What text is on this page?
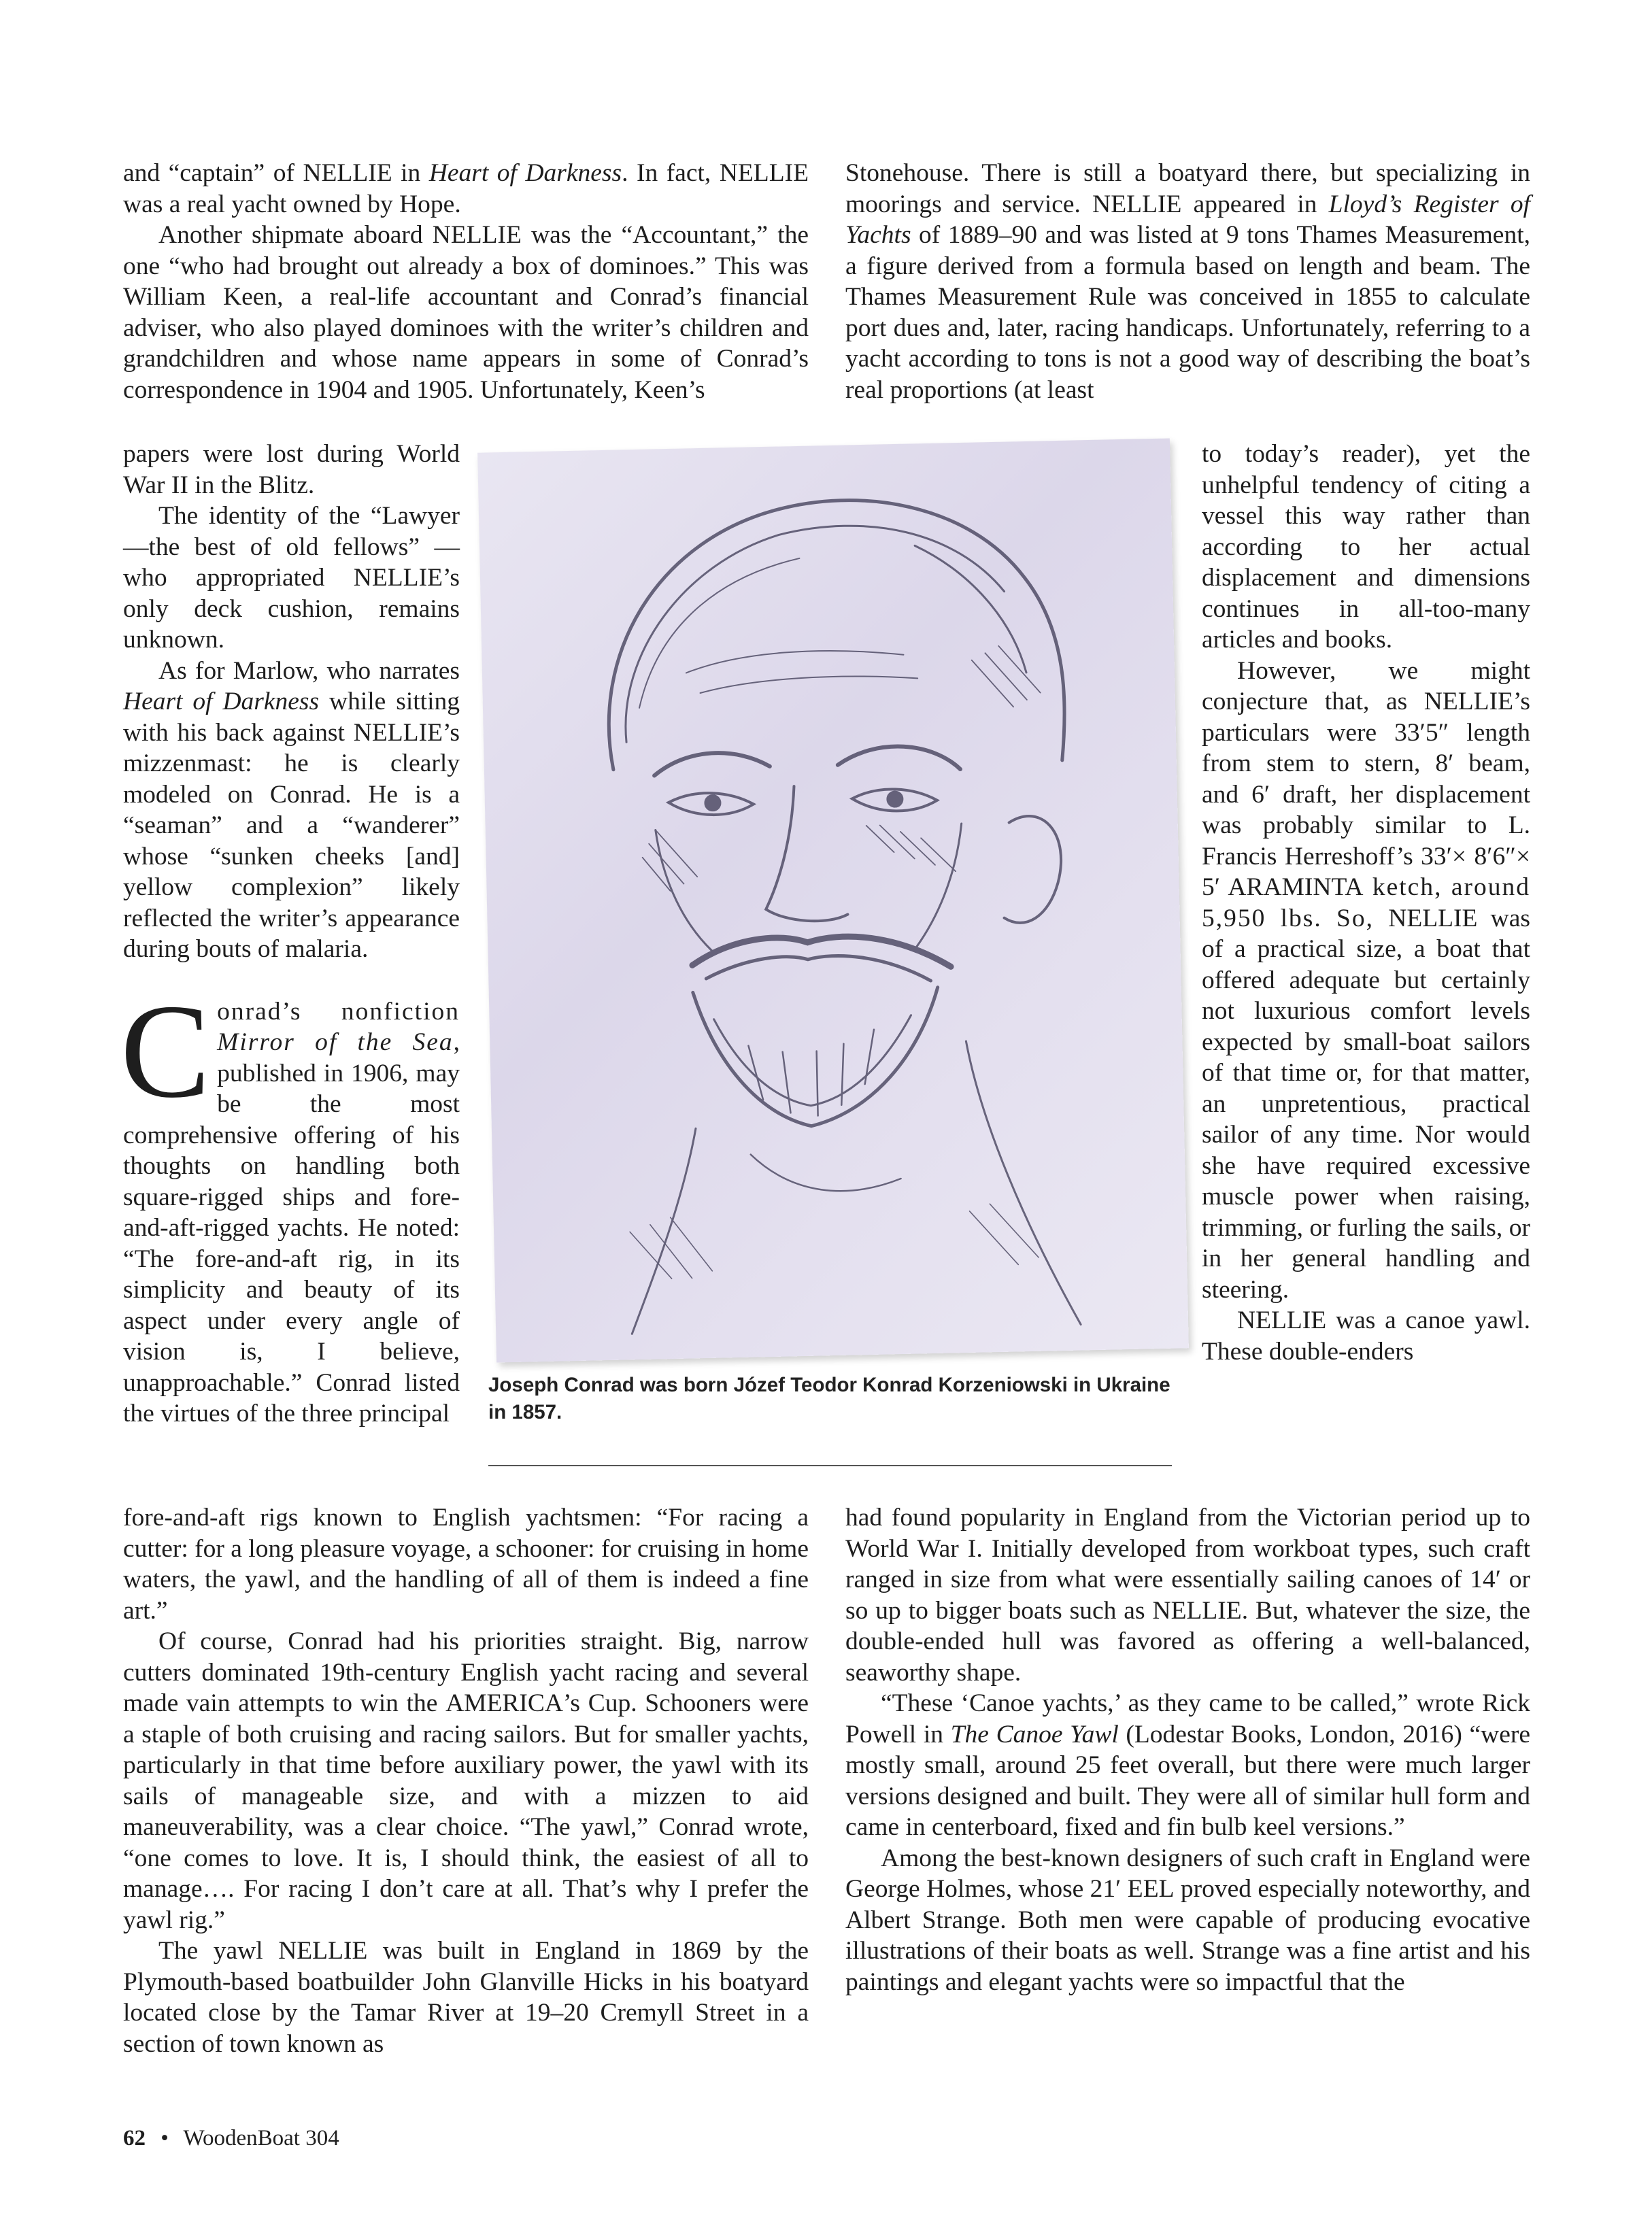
and “captain” of NELLIE in Heart of Darkness. In fact, NELLIE was a real yacht owned by Hope.

Another shipmate aboard NELLIE was the “Accountant,” the one “who had brought out already a box of dominoes.” This was William Keen, a real-life accountant and Conrad’s financial adviser, who also played dominoes with the writer’s children and grandchildren and whose name appears in some of Conrad’s correspondence in 1904 and 1905. Unfortunately, Keen’s

papers were lost during World War II in the Blitz.

The identity of the “Lawyer—the best of old fellows” —who appropriated NELLIE’s only deck cushion, remains unknown.

As for Marlow, who narrates Heart of Darkness while sitting with his back against NELLIE’s mizzenmast: he is clearly modeled on Conrad. He is a “seaman” and a “wanderer” whose “sunken cheeks [and] yellow complexion” likely reflected the writer’s appearance during bouts of malaria.

Conrad’s nonfiction Mirror of the Sea, published in 1906, may be the most comprehensive offering of his thoughts on handling both square-rigged ships and fore-and-aft-rigged yachts. He noted: “The fore-and-aft rig, in its simplicity and beauty of its aspect under every angle of vision is, I believe, unapproachable.” Conrad listed the virtues of the three principal

fore-and-aft rigs known to English yachtsmen: “For racing a cutter: for a long pleasure voyage, a schooner: for cruising in home waters, the yawl, and the handling of all of them is indeed a fine art.”

Of course, Conrad had his priorities straight. Big, narrow cutters dominated 19th-century English yacht racing and several made vain attempts to win the AMERICA’s Cup. Schooners were a staple of both cruising and racing sailors. But for smaller yachts, particularly in that time before auxiliary power, the yawl with its sails of manageable size, and with a mizzen to aid maneuverability, was a clear choice. “The yawl,” Conrad wrote, “one comes to love. It is, I should think, the easiest of all to manage…. For racing I don’t care at all. That’s why I prefer the yawl rig.”

The yawl NELLIE was built in England in 1869 by the Plymouth-based boatbuilder John Glanville Hicks in his boatyard located close by the Tamar River at 19–20 Cremyll Street in a section of town known as

Stonehouse. There is still a boatyard there, but specializing in moorings and service. NELLIE appeared in Lloyd’s Register of Yachts of 1889–90 and was listed at 9 tons Thames Measurement, a figure derived from a formula based on length and beam. The Thames Measurement Rule was conceived in 1855 to calculate port dues and, later, racing handicaps. Unfortunately, referring to a yacht according to tons is not a good way of describing the boat’s real proportions (at least

to today’s reader), yet the unhelpful tendency of citing a vessel this way rather than according to her actual displacement and dimensions continues in all-too-many articles and books.

However, we might conjecture that, as NELLIE’s particulars were 33′5″ length from stem to stern, 8′ beam, and 6′ draft, her displacement was probably similar to L. Francis Herreshoff’s 33′× 8′6″× 5′ ARAMINTA ketch, around 5,950 lbs. So, NELLIE was of a practical size, a boat that offered adequate but certainly not luxurious comfort levels expected by small-boat sailors of that time or, for that matter, an unpretentious, practical sailor of any time. Nor would she have required excessive muscle power when raising, trimming, or furling the sails, or in her general handling and steering.

NELLIE was a canoe yawl. These double-enders

had found popularity in England from the Victorian period up to World War I. Initially developed from workboat types, such craft ranged in size from what were essentially sailing canoes of 14′ or so up to bigger boats such as NELLIE. But, whatever the size, the double-ended hull was favored as offering a well-balanced, seaworthy shape.

“These ‘Canoe yachts,’ as they came to be called,” wrote Rick Powell in The Canoe Yawl (Lodestar Books, London, 2016) “were mostly small, around 25 feet overall, but there were much larger versions designed and built. They were all of similar hull form and came in centerboard, fixed and fin bulb keel versions.”

Among the best-known designers of such craft in England were George Holmes, whose 21′ EEL proved especially noteworthy, and Albert Strange. Both men were capable of producing evocative illustrations of their boats as well. Strange was a fine artist and his paintings and elegant yachts were so impactful that the

Joseph Conrad was born Józef Teodor Konrad Korzeniowski in Ukraine in 1857.
62 • WoodenBoat 304
